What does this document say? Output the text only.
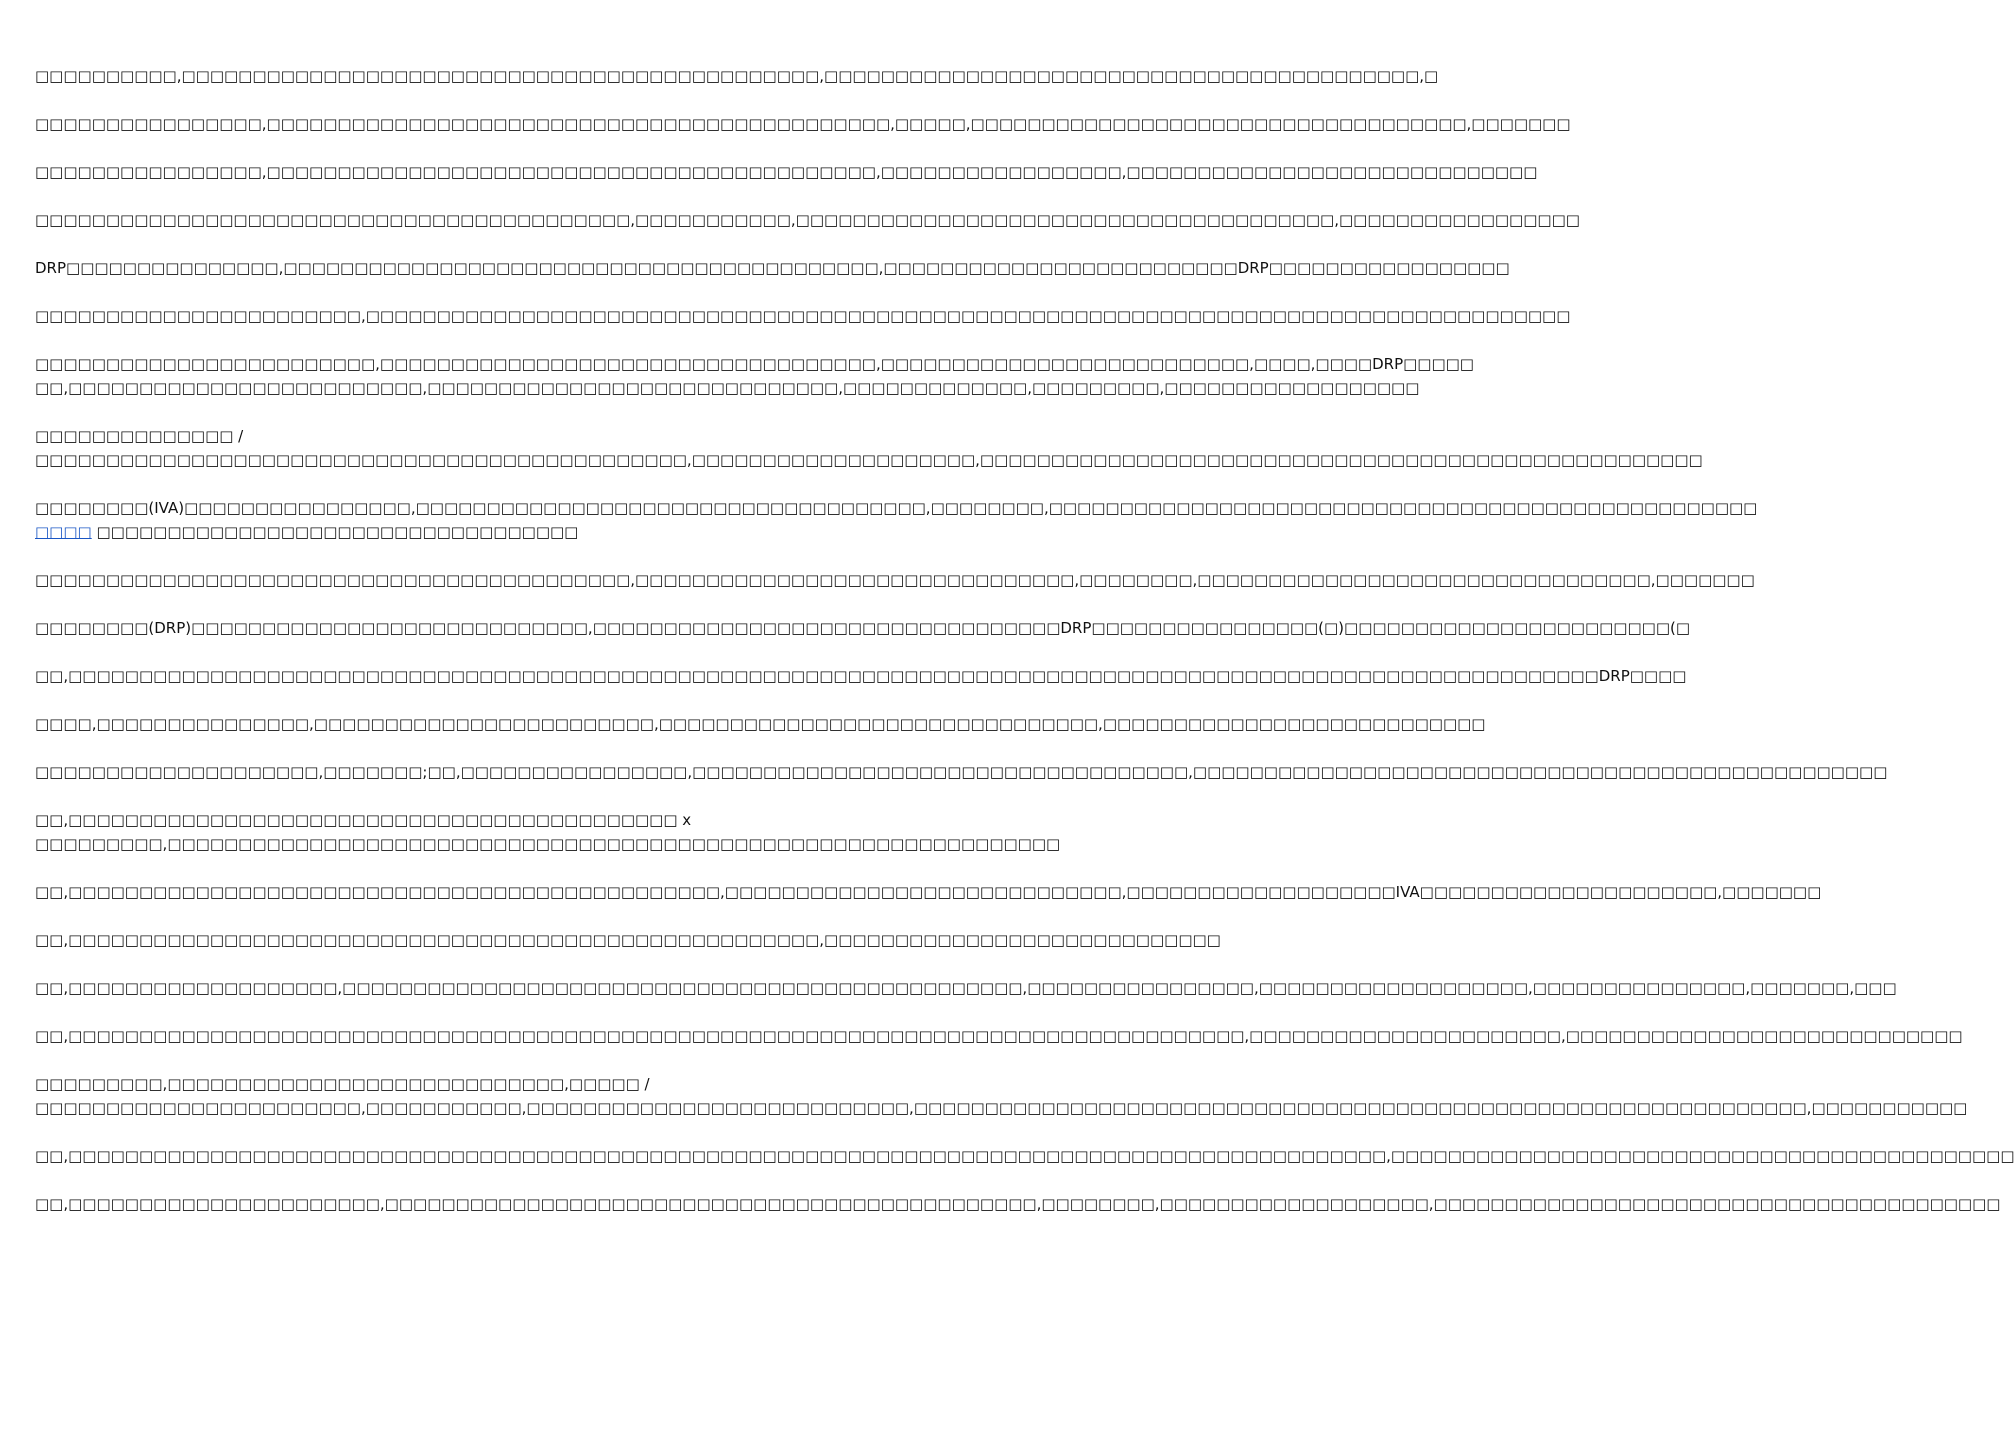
□□□□□□□□□□,□□□□□□□□□□□□□□□□□□□□□□□□□□□□□□□□□□□□□□□□□□□□□,□□□□□□□□□□□□□□□□□□□□□□□□□□□□□□□□□□□□□□□□□□,□
□□□□□□□□□□□□□□□□,□□□□□□□□□□□□□□□□□□□□□□□□□□□□□□□□□□□□□□□□□□□□,□□□□□,□□□□□□□□□□□□□□□□□□□□□□□□□□□□□□□□□□□,□□□□□□□
□□□□□□□□□□□□□□□□,□□□□□□□□□□□□□□□□□□□□□□□□□□□□□□□□□□□□□□□□□□□,□□□□□□□□□□□□□□□□□,□□□□□□□□□□□□□□□□□□□□□□□□□□□□□
□□□□□□□□□□□□□□□□□□□□□□□□□□□□□□□□□□□□□□□□□□,□□□□□□□□□□□,□□□□□□□□□□□□□□□□□□□□□□□□□□□□□□□□□□□□□□,□□□□□□□□□□□□□□□□□
DRP□□□□□□□□□□□□□□□,□□□□□□□□□□□□□□□□□□□□□□□□□□□□□□□□□□□□□□□□□□,□□□□□□□□□□□□□□□□□□□□□□□□□DRP□□□□□□□□□□□□□□□□□
□□□□□□□□□□□□□□□□□□□□□□□,□□□□□□□□□□□□□□□□□□□□□□□□□□□□□□□□□□□□□□□□□□□□□□□□□□□□□□□□□□□□□□□□□□□□□□□□□□□□□□□□□□□□□
□□□□□□□□□□□□□□□□□□□□□□□□,□□□□□□□□□□□□□□□□□□□□□□□□□□□□□□□□□□□,□□□□□□□□□□□□□□□□□□□□□□□□□□,□□□□,□□□□DRP□□□□□
□□,□□□□□□□□□□□□□□□□□□□□□□□□□,□□□□□□□□□□□□□□□□□□□□□□□□□□□□□,□□□□□□□□□□□□□,□□□□□□□□□,□□□□□□□□□□□□□□□□□□
□□□□□□□□□□□□□□ /
□□□□□□□□□□□□□□□□□□□□□□□□□□□□□□□□□□□□□□□□□□□□□□,□□□□□□□□□□□□□□□□□□□□,□□□□□□□□□□□□□□□□□□□□□□□□□□□□□□□□□□□□□□□□□□□□□□□□□□□
□□□□□□□□(IVA)□□□□□□□□□□□□□□□□,□□□□□□□□□□□□□□□□□□□□□□□□□□□□□□□□□□□□,□□□□□□□□,□□□□□□□□□□□□□□□□□□□□□□□□□□□□□□□□□□□□□□□□□□□□□□□□□□
□□□□ □□□□□□□□□□□□□□□□□□□□□□□□□□□□□□□□□□
□□□□□□□□□□□□□□□□□□□□□□□□□□□□□□□□□□□□□□□□□□,□□□□□□□□□□□□□□□□□□□□□□□□□□□□□□□,□□□□□□□□,□□□□□□□□□□□□□□□□□□□□□□□□□□□□□□□□,□□□□□□□
□□□□□□□□(DRP)□□□□□□□□□□□□□□□□□□□□□□□□□□□□,□□□□□□□□□□□□□□□□□□□□□□□□□□□□□□□□□DRP□□□□□□□□□□□□□□□□(□)□□□□□□□□□□□□□□□□□□□□□□□(□
□□,□□□□□□□□□□□□□□□□□□□□□□□□□□□□□□□□□□□□□□□□□□□□□□□□□□□□□□□□□□□□□□□□□□□□□□□□□□□□□□□□□□□□□□□□□□□□□□□□□□□□□□□□□□□□DRP□□□□
□□□□,□□□□□□□□□□□□□□□,□□□□□□□□□□□□□□□□□□□□□□□□,□□□□□□□□□□□□□□□□□□□□□□□□□□□□□□□,□□□□□□□□□□□□□□□□□□□□□□□□□□□
□□□□□□□□□□□□□□□□□□□□,□□□□□□□;□□,□□□□□□□□□□□□□□□□,□□□□□□□□□□□□□□□□□□□□□□□□□□□□□□□□□□□,□□□□□□□□□□□□□□□□□□□□□□□□□□□□□□□□□□□□□□□□□□□□□□□□□
□□,□□□□□□□□□□□□□□□□□□□□□□□□□□□□□□□□□□□□□□□□□□□ x
□□□□□□□□□,□□□□□□□□□□□□□□□□□□□□□□□□□□□□□□□□□□□□□□□□□□□□□□□□□□□□□□□□□□□□□□□
□□,□□□□□□□□□□□□□□□□□□□□□□□□□□□□□□□□□□□□□□□□□□□□□□,□□□□□□□□□□□□□□□□□□□□□□□□□□□□,□□□□□□□□□□□□□□□□□□□IVA□□□□□□□□□□□□□□□□□□□□□,□□□□□□□
□□,□□□□□□□□□□□□□□□□□□□□□□□□□□□□□□□□□□□□□□□□□□□□□□□□□□□□□,□□□□□□□□□□□□□□□□□□□□□□□□□□□□
□□,□□□□□□□□□□□□□□□□□□□,□□□□□□□□□□□□□□□□□□□□□□□□□□□□□□□□□□□□□□□□□□□□□□□□,□□□□□□□□□□□□□□□□,□□□□□□□□□□□□□□□□□□□,□□□□□□□□□□□□□□□,□□□□□□□,□□□
□□,□□□□□□□□□□□□□□□□□□□□□□□□□□□□□□□□□□□□□□□□□□□□□□□□□□□□□□□□□□□□□□□□□□□□□□□□□□□□□□□□□□□,□□□□□□□□□□□□□□□□□□□□□□,□□□□□□□□□□□□□□□□□□□□□□□□□□□□
□□□□□□□□□,□□□□□□□□□□□□□□□□□□□□□□□□□□□□,□□□□□ /
□□□□□□□□□□□□□□□□□□□□□□□,□□□□□□□□□□□,□□□□□□□□□□□□□□□□□□□□□□□□□□□,□□□□□□□□□□□□□□□□□□□□□□□□□□□□□□□□□□□□□□□□□□□□□□□□□□□□□□□□□□□□□□□,□□□□□□□□□□□
□□,□□□□□□□□□□□□□□□□□□□□□□□□□□□□□□□□□□□□□□□□□□□□□□□□□□□□□□□□□□□□□□□□□□□□□□□□□□□□□□□□□□□□□□□□□□□□□,□□□□□□□□□□□□□□□□□□□□□□□□□□□□□□□□□□□□□□□□□□□□
□□,□□□□□□□□□□□□□□□□□□□□□□,□□□□□□□□□□□□□□□□□□□□□□□□□□□□□□□□□□□□□□□□□□□□□□,□□□□□□□□,□□□□□□□□□□□□□□□□□□□,□□□□□□□□□□□□□□□□□□□□□□□□□□□□□□□□□□□□□□□□
